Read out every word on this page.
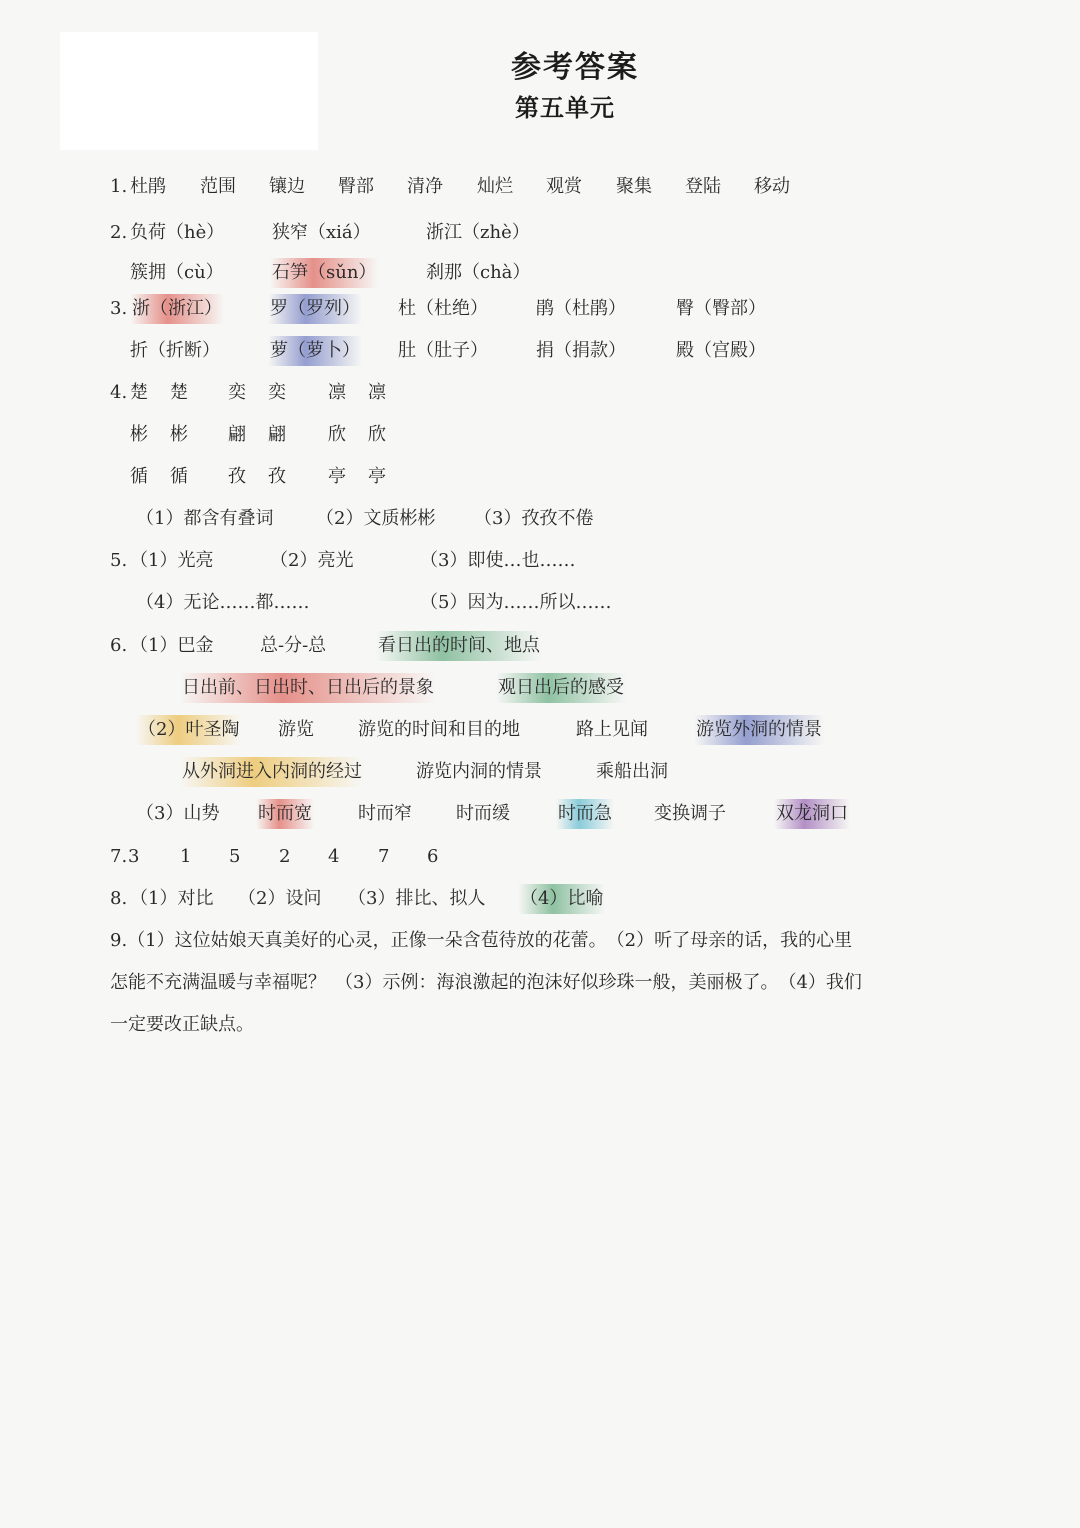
参考答案
第五单元
1. 杜鹃 范围 镶边 臀部 清净 灿烂 观赏 聚集 登陆 移动
2. 负荷（hè）	狭窄（xiá）	浙江（zhè）
簇拥（cù）	石笋（sǔn）	刹那（chà）
3. 浙（浙江）	罗（罗列） 杜（杜绝）	鹃（杜鹃）	臀（臀部）
折（折断）	萝（萝卜） 肚（肚子）	捐（捐款）	殿（宫殿）
4. 楚 楚 奕 奕 凛 凛
彬 彬 翩 翩 欣 欣
循 循 孜 孜 亭 亭
（1）都含有叠词 （2）文质彬彬 （3）孜孜不倦
5. （1）光亮	（2）亮光	（3）即使…也……
（4）无论……都……	（5）因为……所以……
6. （1）巴金	总-分-总	看日出的时间、地点
日出前、日出时、日出后的景象	观日出后的感受
（2）叶圣陶 游览 游览的时间和目的地	路上见闻	游览外洞的情景
从外洞进入内洞的经过	游览内洞的情景	乘船出洞
（3）山势 时而宽	时而窄 时而缓	时而急 变换调子	双龙洞口
7. 3 1 5 2 4 7 6
8. （1）对比 （2）设问 （3）排比、拟人 （4）比喻
9.（1）这位姑娘天真美好的心灵，正像一朵含苞待放的花蕾。　（2）听了母亲的话，我的心里怎能不充满温暖与幸福呢？　（3）示例：海浪激起的泡沫好似珍珠一般，美丽极了。　（4）我们一定要改正缺点。
